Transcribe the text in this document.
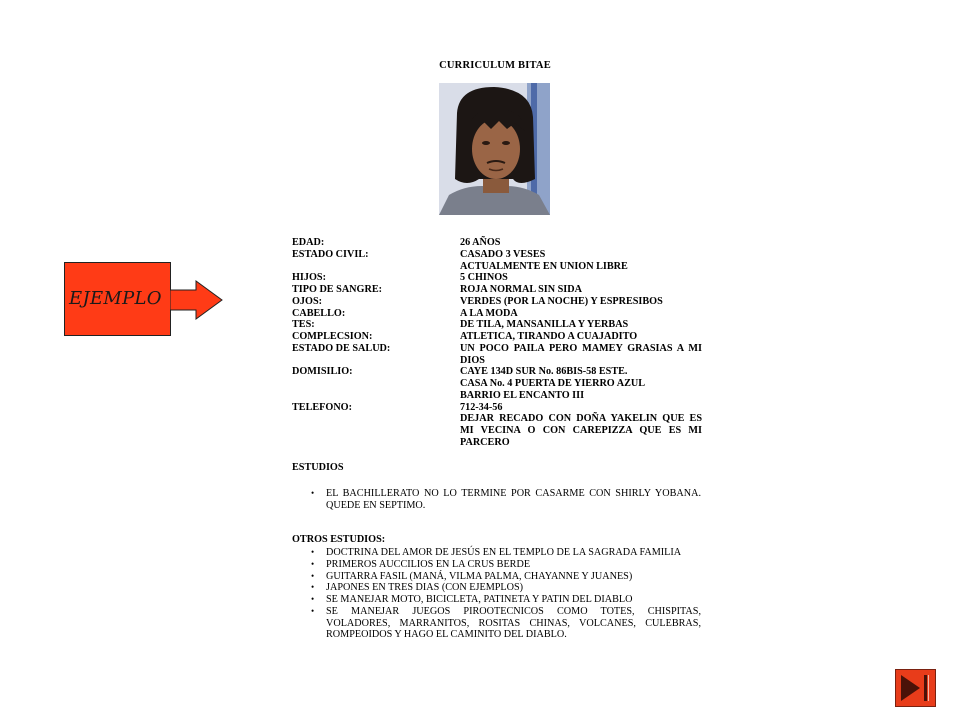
CURRICULUM BITAE
EDAD:	26 AÑOS
ESTADO CIVIL:	CASADO 3 VESES
ACTUALMENTE EN UNION LIBRE
HIJOS:	5 CHINOS
TIPO DE SANGRE:	ROJA NORMAL SIN SIDA
OJOS:	VERDES (POR LA NOCHE) Y ESPRESIBOS
CABELLO:	A LA MODA
TES:	DE TILA, MANSANILLA Y YERBAS
COMPLECSION:	ATLETICA, TIRANDO A CUAJADITO
ESTADO DE SALUD:	UN POCO PAILA PERO MAMEY GRASIAS A MI DIOS
DOMISILIO:	CAYE 134D SUR No. 86BIS-58 ESTE.
CASA No. 4 PUERTA DE YIERRO AZUL
BARRIO EL ENCANTO III
TELEFONO:	712-34-56
DEJAR RECADO CON DOÑA YAKELIN QUE ES MI VECINA O CON CAREPIZZA QUE ES MI PARCERO
ESTUDIOS
• EL BACHILLERATO NO LO TERMINE POR CASARME CON SHIRLY YOBANA. QUEDE EN SEPTIMO.
OTROS ESTUDIOS:
• DOCTRINA DEL AMOR DE JESÚS EN EL TEMPLO DE LA SAGRADA FAMILIA
• PRIMEROS AUCCILIOS EN LA CRUS BERDE
• GUITARRA FASIL (MANÁ, VILMA PALMA, CHAYANNE Y JUANES)
• JAPONES EN TRES DIAS (CON EJEMPLOS)
• SE MANEJAR MOTO, BICICLETA, PATINETA Y PATIN DEL DIABLO
• SE MANEJAR JUEGOS PIROOTECNICOS COMO TOTES, CHISPITAS, VOLADORES, MARRANITOS, ROSITAS CHINAS, VOLCANES, CULEBRAS, ROMPEOIDOS Y HAGO EL CAMINITO DEL DIABLO.
EJEMPLO
